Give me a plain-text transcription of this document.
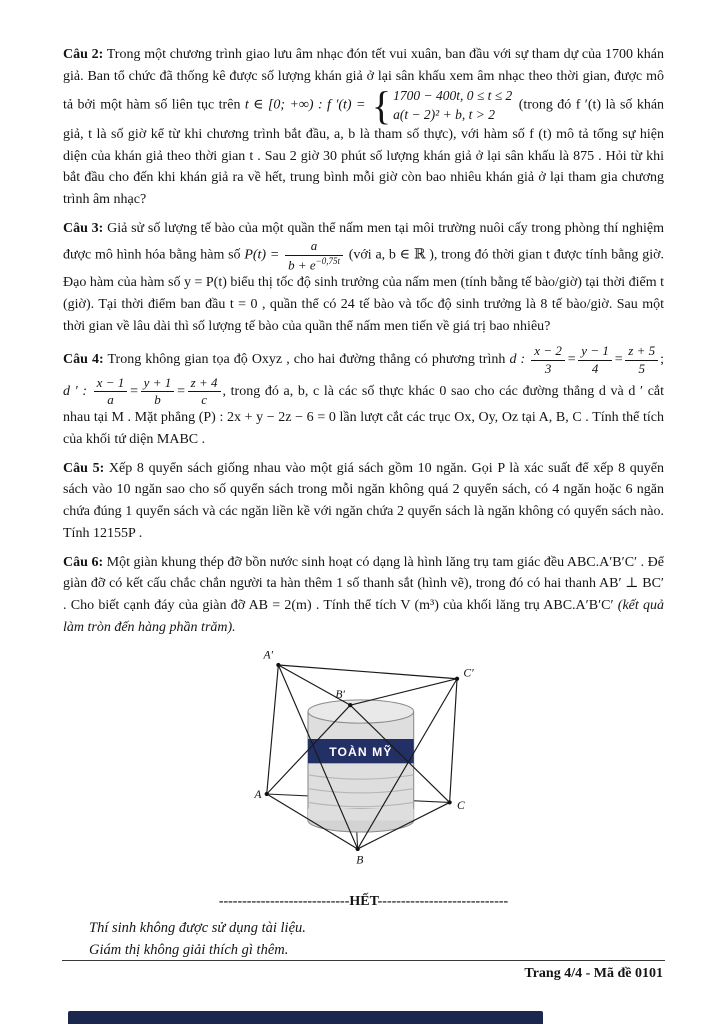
Câu 2: Trong một chương trình giao lưu âm nhạc đón tết vui xuân, ban đầu với sự tham dự của 1700 khán giả. Ban tổ chức đã thống kê được số lượng khán giả ở lại sân khấu xem âm nhạc theo thời gian, được mô tả bởi một hàm số liên tục trên t ∈ [0; +∞) : f ′(t) = { 1700 − 400t, 0 ≤ t ≤ 2
a(t − 2)² + b, t > 2
(trong đó f ′(t) là số khán giả, t là số giờ kể từ khi chương trình bắt đầu, a, b là tham số thực), với hàm số f (t) mô tả tổng sự hiện diện của khán giả theo thời gian t . Sau 2 giờ 30 phút số lượng khán giả ở lại sân khấu là 875 . Hỏi từ khi bắt đầu cho đến khi khán giả ra về hết, trung bình mỗi giờ còn bao nhiêu khán giả ở lại tham gia chương trình âm nhạc?

Câu 3: Giả sử số lượng tế bào của một quần thể nấm men tại môi trường nuôi cấy trong phòng thí nghiệm được mô hình hóa bằng hàm số $P(t) = \frac{a}{b + e^{-0,75t}}$ (với a, b ∈ ℝ ), trong đó thời gian t được tính bằng giờ. Đạo hàm của hàm số y = P(t) biểu thị tốc độ sinh trưởng của nấm men (tính bằng tế bào/giờ) tại thời điểm t (giờ). Tại thời điểm ban đầu t = 0 , quần thể có 24 tế bào và tốc độ sinh trưởng là 8 tế bào/giờ. Sau một thời gian về lâu dài thì số lượng tế bào của quần thể nấm men tiến về giá trị bao nhiêu?

Câu 4: Trong không gian tọa độ Oxyz , cho hai đường thẳng có phương trình d : $\frac{x - 2}{3} = \frac{y - 1}{4} = \frac{z + 5}{5}$ ; d ′ : $\frac{x - 1}{a} = \frac{y + 1}{b} = \frac{z + 4}{c}$ , trong đó a, b, c là các số thực khác 0 sao cho các đường thẳng d và d ′ cắt nhau tại M . Mặt phẳng (P) : 2x + y − 2z − 6 = 0 lần lượt cắt các trục Ox, Oy, Oz tại A, B, C . Tính thể tích của khối tứ diện MABC .

Câu 5: Xếp 8 quyển sách giống nhau vào một giá sách gồm 10 ngăn. Gọi P là xác suất để xếp 8 quyển sách vào 10 ngăn sao cho số quyển sách trong mỗi ngăn không quá 2 quyển sách, có 4 ngăn hoặc 6 ngăn chứa đúng 1 quyển sách và các ngăn liền kề với ngăn chứa 2 quyển sách là ngăn không có quyển sách nào. Tính 12155P .

Câu 6: Một giàn khung thép đỡ bồn nước sinh hoạt có dạng là hình lăng trụ tam giác đều ABC.A′B′C′ . Để giàn đỡ có kết cấu chắc chắn người ta hàn thêm 1 số thanh sắt (hình vẽ), trong đó có hai thanh AB′ ⊥ BC′ . Cho biết cạnh đáy của giàn đỡ AB = 2(m) . Tính thể tích V (m³) của khối lăng trụ ABC.A′B′C′ (kết quả làm tròn đến hàng phần trăm).

TOÀN MỸ
A′
B′
C′
A
C
B
----------------------------HẾT----------------------------
Thí sinh không được sử dụng tài liệu.
Giám thị không giải thích gì thêm.
Trang 4/4 - Mã đề 0101
